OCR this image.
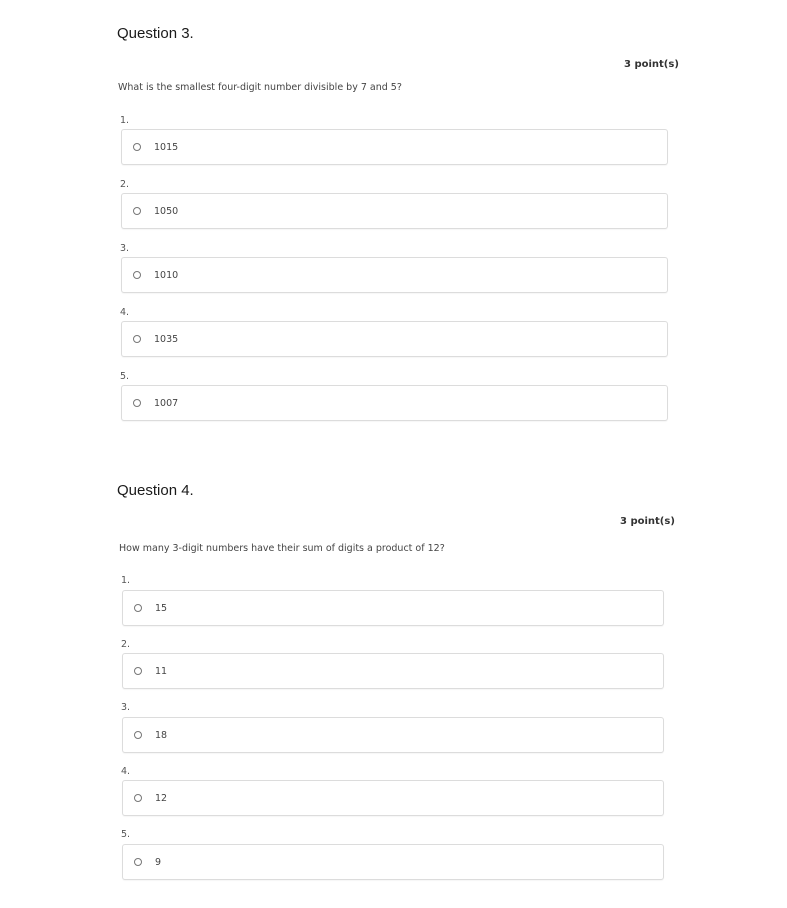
Question 3.
3 point(s)
What is the smallest four-digit number divisible by 7 and 5?
1.
1015
2.
1050
3.
1010
4.
1035
5.
1007
Question 4.
3 point(s)
How many 3-digit numbers have their sum of digits a product of 12?
1.
15
2.
11
3.
18
4.
12
5.
9
